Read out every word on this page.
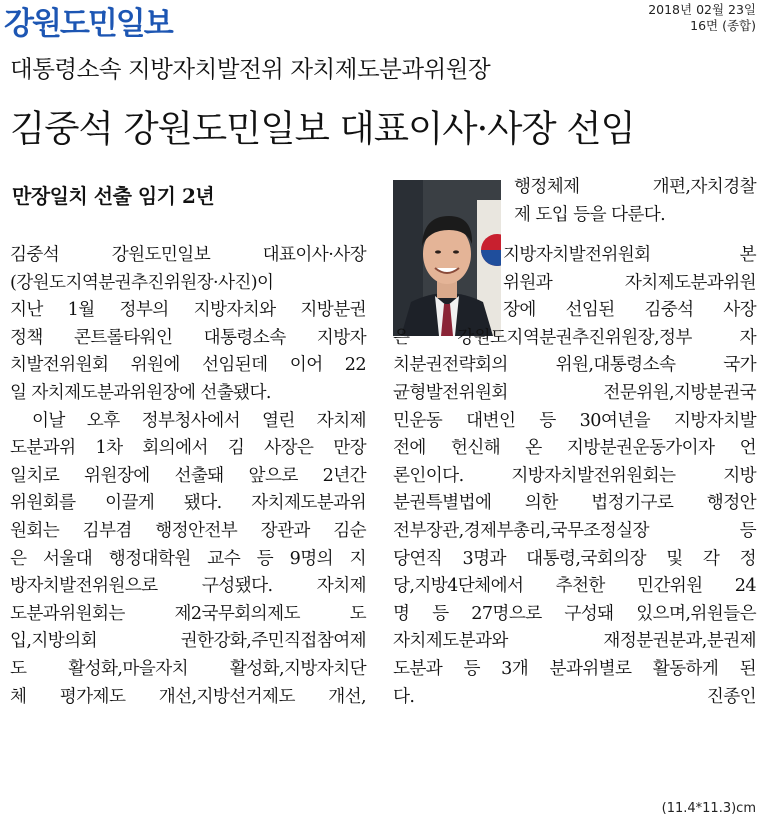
강원도민일보	2018년 02월 23일
16면 (종합)
대통령소속 지방자치발전위 자치제도분과위원장
김중석 강원도민일보 대표이사·사장 선임
만장일치 선출 임기 2년
김중석 강원도민일보 대표이사·사장
(강원도지역분권추진위원장·사진)이
지난 1월 정부의 지방자치와 지방분권
정책 콘트롤타워인 대통령소속 지방자
치발전위원회 위원에 선임된데 이어 22
일 자치제도분과위원장에 선출됐다.
이날 오후 정부청사에서 열린 자치제
도분과위 1차 회의에서 김 사장은 만장
일치로 위원장에 선출돼 앞으로 2년간
위원회를 이끌게 됐다. 자치제도분과위
원회는 김부겸 행정안전부 장관과 김순
은 서울대 행정대학원 교수 등 9명의 지
방자치발전위원으로 구성됐다. 자치제
도분과위원회는 제2국무회의제도 도
입,지방의회 권한강화,주민직접참여제
도 활성화,마을자치 활성화,지방자치단
체 평가제도 개선,지방선거제도 개선,
행정체제 개편,자치경찰
제 도입 등을 다룬다.
지방자치발전위원회 본
위원과 자치제도분과위원
장에 선임된 김중석 사장
은 강원도지역분권추진위원장,정부 자
치분권전략회의 위원,대통령소속 국가
균형발전위원회 전문위원,지방분권국
민운동 대변인 등 30여년을 지방자치발
전에 헌신해 온 지방분권운동가이자 언
론인이다. 지방자치발전위원회는 지방
분권특별법에 의한 법정기구로 행정안
전부장관,경제부총리,국무조정실장 등
당연직 3명과 대통령,국회의장 및 각 정
당,지방4단체에서 추천한 민간위원 24
명 등 27명으로 구성돼 있으며,위원들은
자치제도분과와 재정분권분과,분권제
도분과 등 3개 분과위별로 활동하게 된
다.	진종인
(11.4*11.3)cm
